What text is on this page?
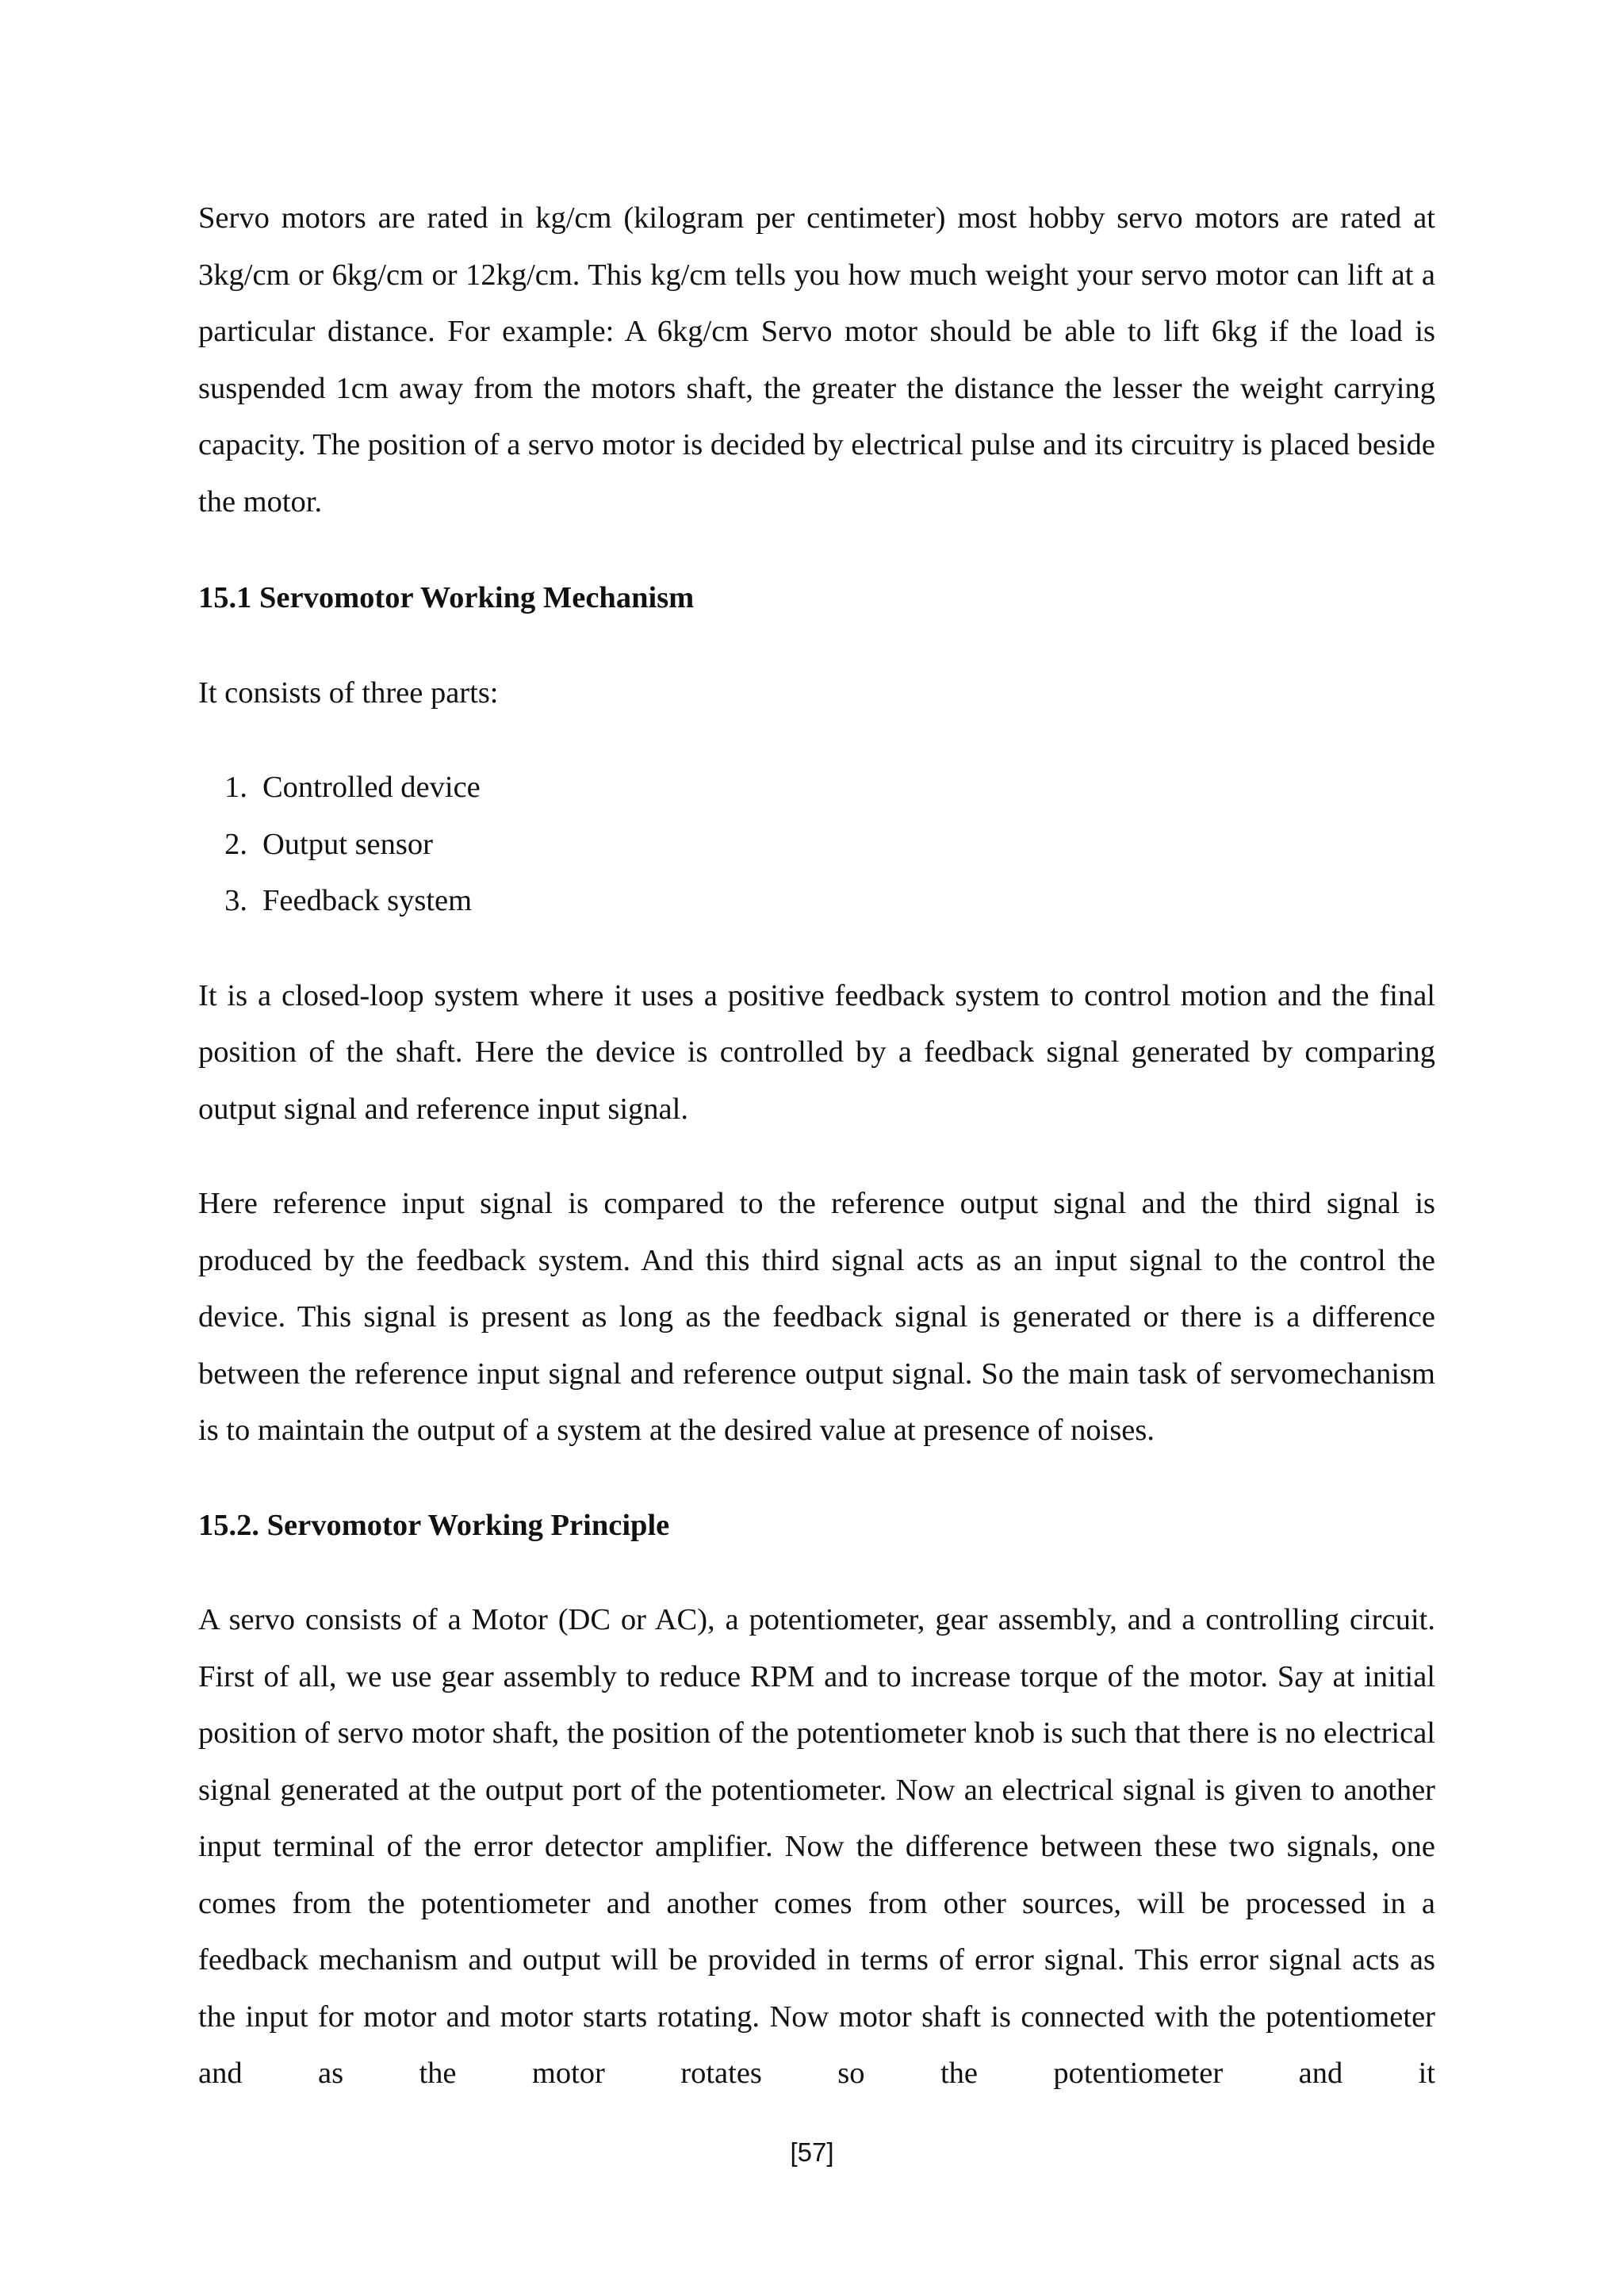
Servo motors are rated in kg/cm (kilogram per centimeter) most hobby servo motors are rated at 3kg/cm or 6kg/cm or 12kg/cm. This kg/cm tells you how much weight your servo motor can lift at a particular distance. For example: A 6kg/cm Servo motor should be able to lift 6kg if the load is suspended 1cm away from the motors shaft, the greater the distance the lesser the weight carrying capacity. The position of a servo motor is decided by electrical pulse and its circuitry is placed beside the motor.

15.1 Servomotor Working Mechanism

It consists of three parts:

1. Controlled device
2. Output sensor
3. Feedback system

It is a closed-loop system where it uses a positive feedback system to control motion and the final position of the shaft. Here the device is controlled by a feedback signal generated by comparing output signal and reference input signal.

Here reference input signal is compared to the reference output signal and the third signal is produced by the feedback system. And this third signal acts as an input signal to the control the device. This signal is present as long as the feedback signal is generated or there is a difference between the reference input signal and reference output signal. So the main task of servomechanism is to maintain the output of a system at the desired value at presence of noises.

15.2. Servomotor Working Principle

A servo consists of a Motor (DC or AC), a potentiometer, gear assembly, and a controlling circuit. First of all, we use gear assembly to reduce RPM and to increase torque of the motor. Say at initial position of servo motor shaft, the position of the potentiometer knob is such that there is no electrical signal generated at the output port of the potentiometer. Now an electrical signal is given to another input terminal of the error detector amplifier. Now the difference between these two signals, one comes from the potentiometer and another comes from other sources, will be processed in a feedback mechanism and output will be provided in terms of error signal. This error signal acts as the input for motor and motor starts rotating. Now motor shaft is connected with the potentiometer and as the motor rotates so the potentiometer and it

[57]
